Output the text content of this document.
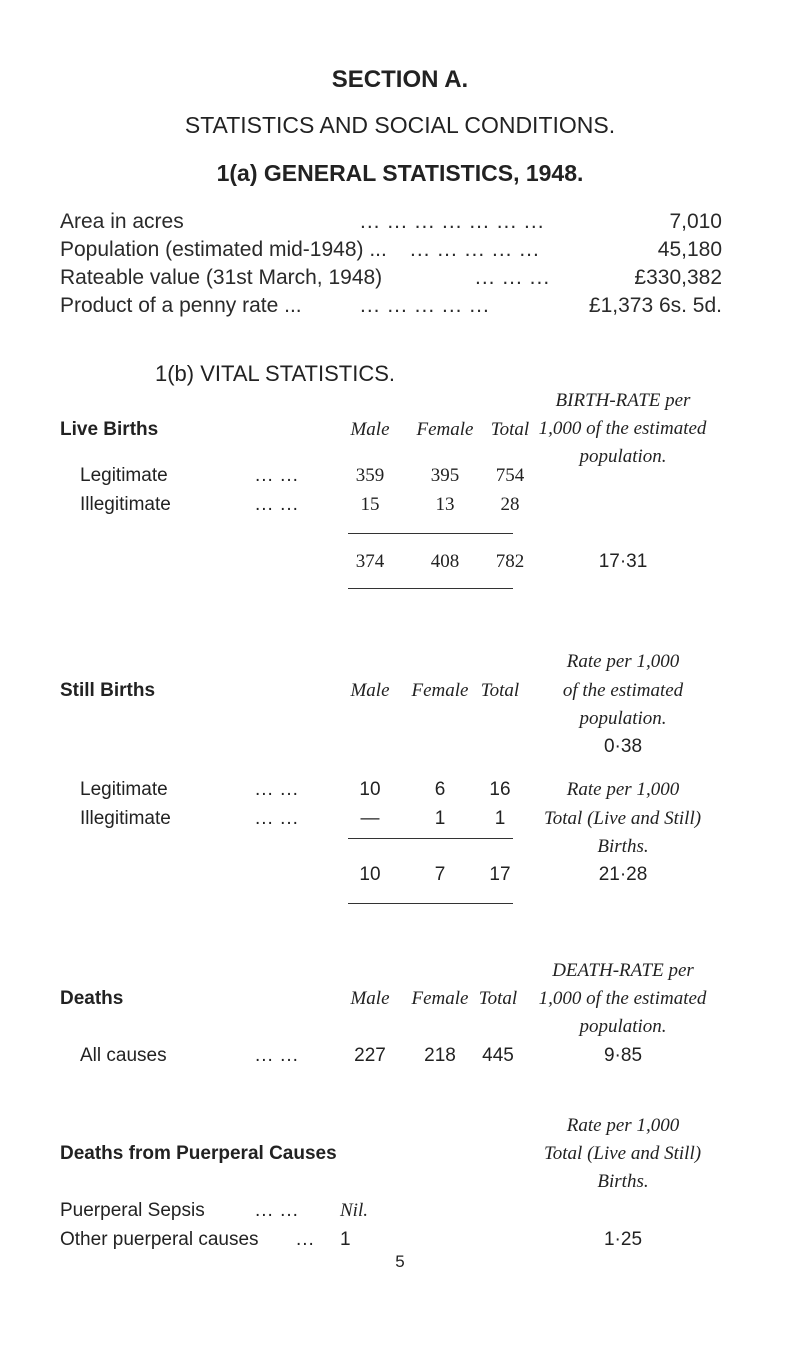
SECTION A.
STATISTICS AND SOCIAL CONDITIONS.
1(a) GENERAL STATISTICS, 1948.
Area in acres	... ... ... ... ... ... ...	7,010
Population (estimated mid-1948) ... ... ... ... ... ...	45,180
Rateable value (31st March, 1948)	... ... ...	£330,382
Product of a penny rate ...	... ... ... ... ...	£1,373 6s. 5d.
1(b) VITAL STATISTICS.
Live Births
BIRTH-RATE per
1,000 of the estimated
population.
Male	Female Total
Legitimate	... ...	359	395	754
Illegitimate	... ...	15	13	28
374	408	782	17·31
Rate per 1,000
Still Births	Male	Female Total	of the estimated
population.
0·38
Legitimate	... ...	10	6	16	Rate per 1,000
Illegitimate	... ...	—	1	1	Total (Live and Still)
Births.
10	7	17	21·28
DEATH-RATE per
Deaths	Male	Female Total	1,000 of the estimated
population.
All causes	... ...	227	218	445	9·85
Rate per 1,000
Deaths from Puerperal Causes	Total (Live and Still)
Births.
Puerperal Sepsis	... ... Nil.
Other puerperal causes ... 1	1·25
5
